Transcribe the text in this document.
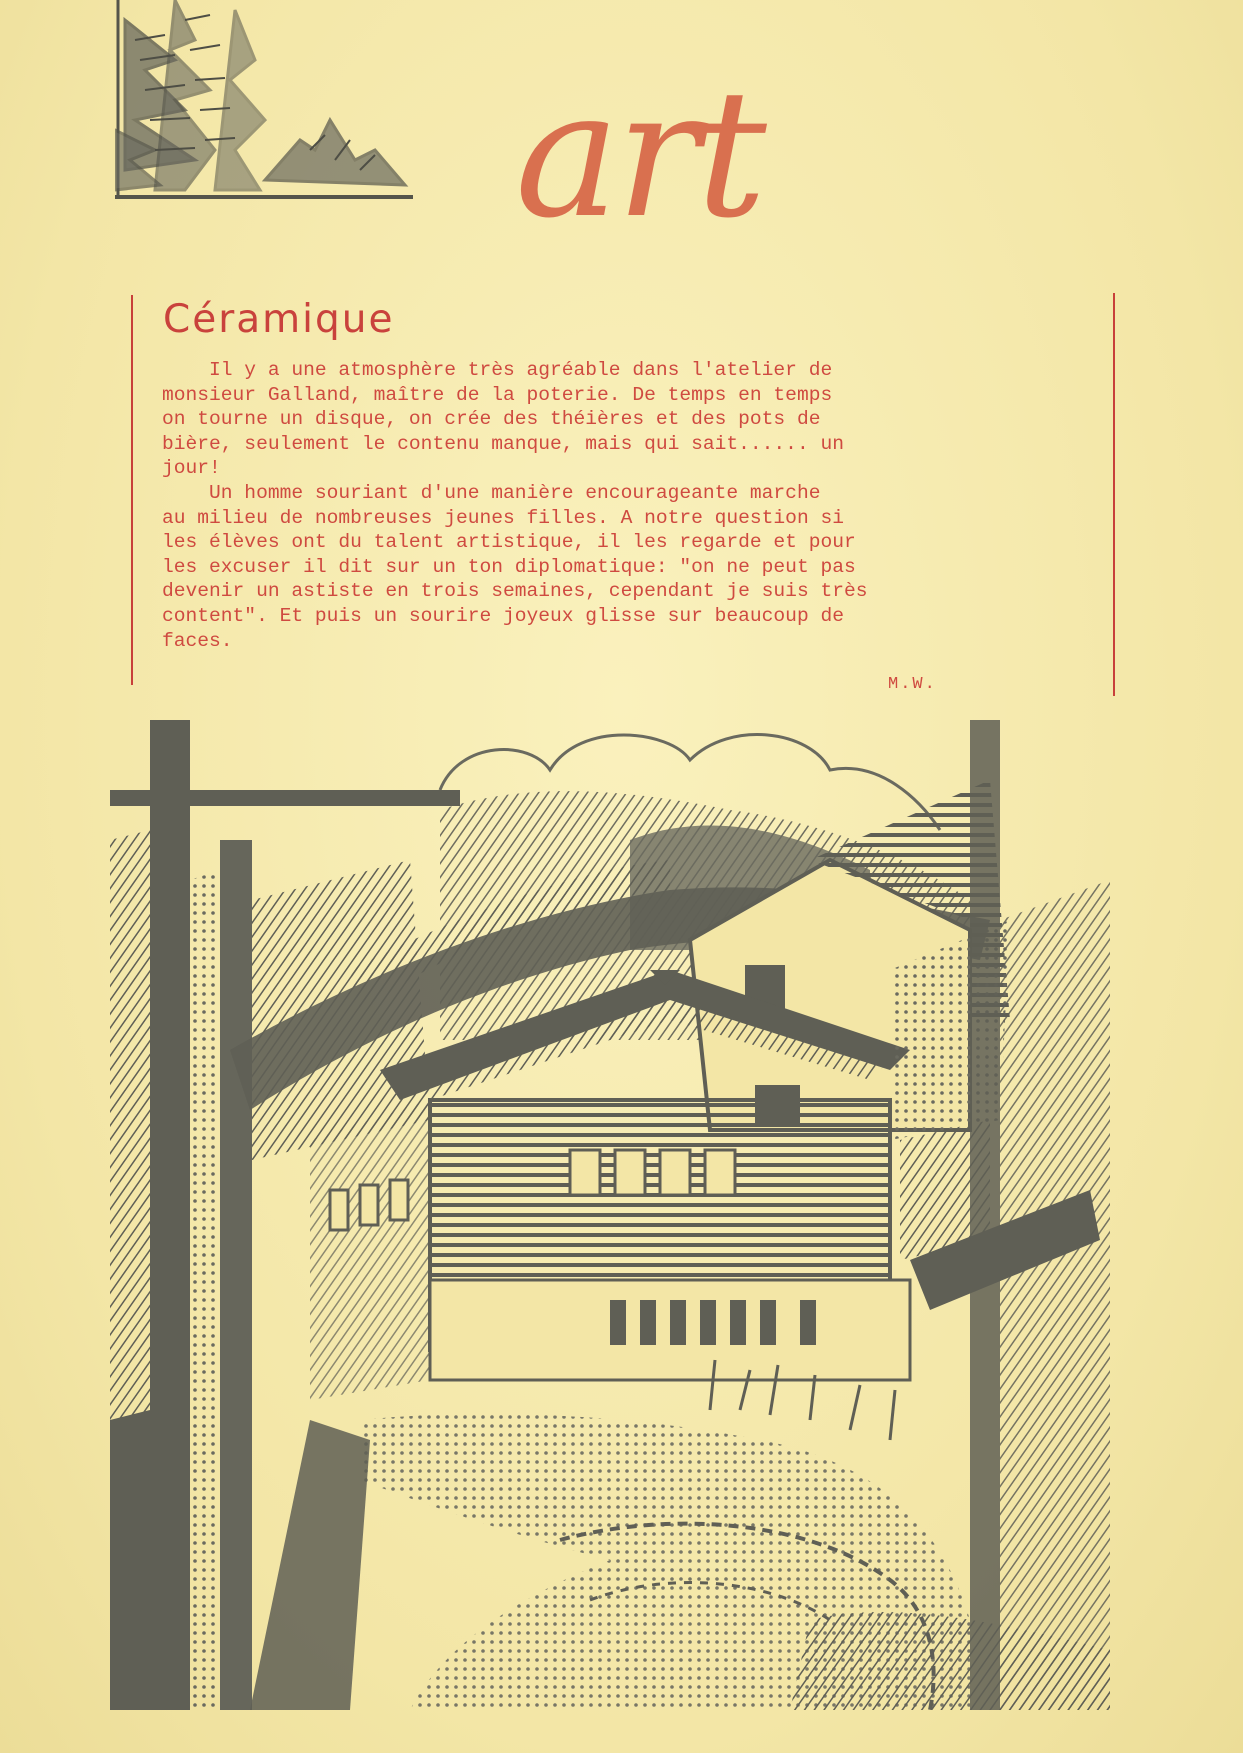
art
Céramique

Il y a une atmosphère très agréable dans l'atelier de
monsieur Galland, maître de la poterie. De temps en temps
on tourne un disque, on crée des théières et des pots de
bière, seulement le contenu manque, mais qui sait...... un
jour!

Un homme souriant d'une manière encourageante marche
au milieu de nombreuses jeunes filles. A notre question si
les élèves ont du talent artistique, il les regarde et pour
les excuser il dit sur un ton diplomatique: "on ne peut pas
devenir un astiste en trois semaines, cependant je suis très
content". Et puis un sourire joyeux glisse sur beaucoup de
faces.

M.W.
